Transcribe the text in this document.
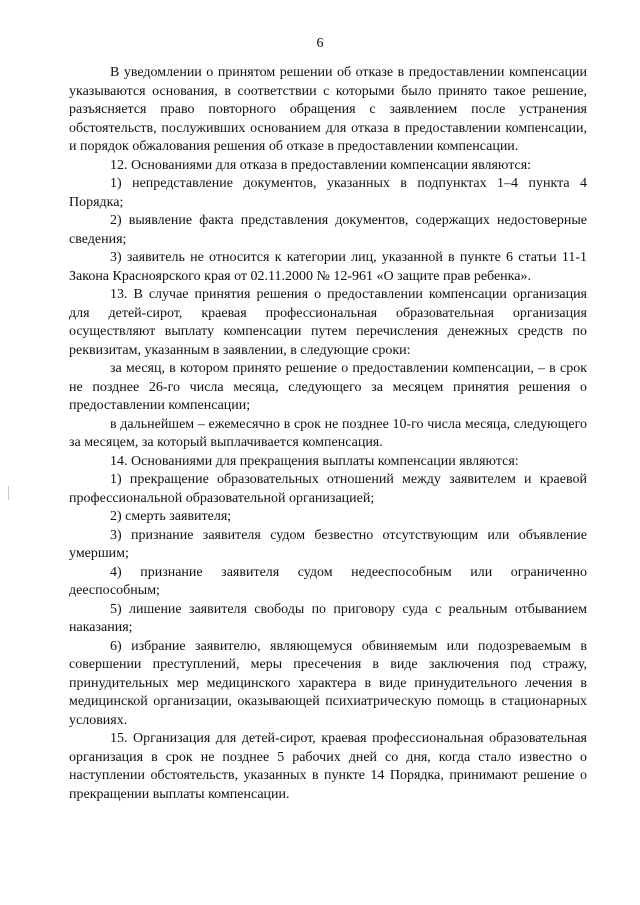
6

В уведомлении о принятом решении об отказе в предоставлении компенсации указываются основания, в соответствии с которыми было принято такое решение, разъясняется право повторного обращения с заявлением после устранения обстоятельств, послуживших основанием для отказа в предоставлении компенсации, и порядок обжалования решения об отказе в предоставлении компенсации.

12. Основаниями для отказа в предоставлении компенсации являются:

1) непредставление документов, указанных в подпунктах 1–4 пункта 4 Порядка;

2) выявление факта представления документов, содержащих недостоверные сведения;

3) заявитель не относится к категории лиц, указанной в пункте 6 статьи 11-1 Закона Красноярского края от 02.11.2000 № 12-961 «О защите прав ребенка».

13. В случае принятия решения о предоставлении компенсации организация для детей-сирот, краевая профессиональная образовательная организация осуществляют выплату компенсации путем перечисления денежных средств по реквизитам, указанным в заявлении, в следующие сроки:

за месяц, в котором принято решение о предоставлении компенсации, – в срок не позднее 26-го числа месяца, следующего за месяцем принятия решения о предоставлении компенсации;

в дальнейшем – ежемесячно в срок не позднее 10-го числа месяца, следующего за месяцем, за который выплачивается компенсация.

14. Основаниями для прекращения выплаты компенсации являются:

1) прекращение образовательных отношений между заявителем и краевой профессиональной образовательной организацией;

2) смерть заявителя;

3) признание заявителя судом безвестно отсутствующим или объявление умершим;

4) признание заявителя судом недееспособным или ограниченно дееспособным;

5) лишение заявителя свободы по приговору суда с реальным отбыванием наказания;

6) избрание заявителю, являющемуся обвиняемым или подозреваемым в совершении преступлений, меры пресечения в виде заключения под стражу, принудительных мер медицинского характера в виде принудительного лечения в медицинской организации, оказывающей психиатрическую помощь в стационарных условиях.

15. Организация для детей-сирот, краевая профессиональная образовательная организация в срок не позднее 5 рабочих дней со дня, когда стало известно о наступлении обстоятельств, указанных в пункте 14 Порядка, принимают решение о прекращении выплаты компенсации.
